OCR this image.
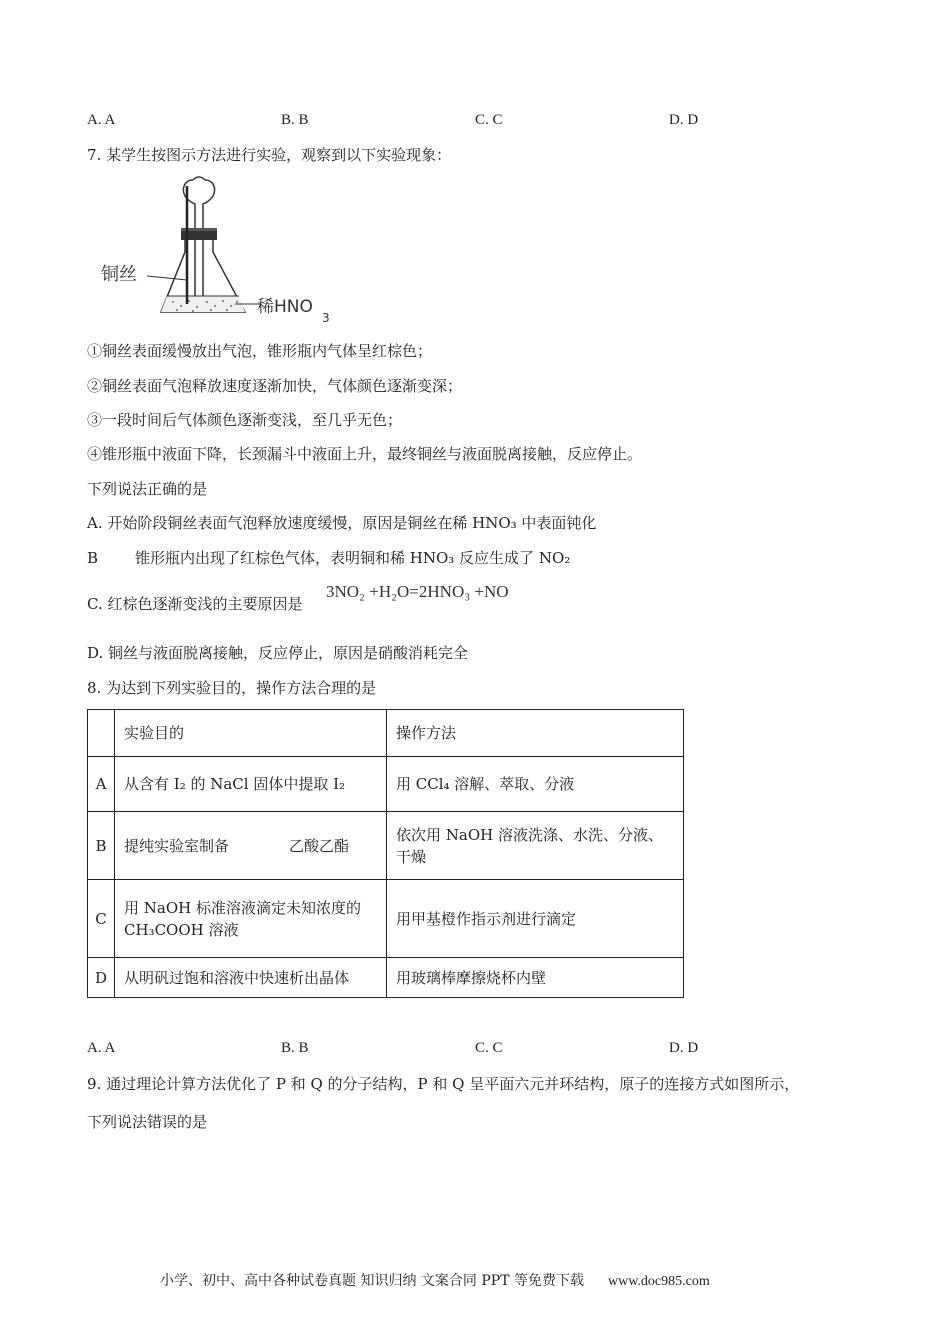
A. A	B. B	C. C	D. D
7. 某学生按图示方法进行实验，观察到以下实验现象：
铜丝
稀HNO
3
①铜丝表面缓慢放出气泡，锥形瓶内气体呈红棕色；
②铜丝表面气泡释放速度逐渐加快，气体颜色逐渐变深；
③一段时间后气体颜色逐渐变浅，至几乎无色；
④锥形瓶中液面下降，长颈漏斗中液面上升，最终铜丝与液面脱离接触，反应停止。
下列说法正确的是
A. 开始阶段铜丝表面气泡释放速度缓慢，原因是铜丝在稀 HNO₃ 中表面钝化
B 锥形瓶内出现了红棕色气体，表明铜和稀 HNO₃ 反应生成了 NO₂
C. 红棕色逐渐变浅的主要原因是
3NO₂ +H₂O=2HNO₃ +NO
D. 铜丝与液面脱离接触，反应停止，原因是硝酸消耗完全
8. 为达到下列实验目的，操作方法合理的是
	实验目的	操作方法
A	从含有 I₂ 的 NaCl 固体中提取 I₂	用 CCl₄ 溶解、萃取、分液
B	提纯实验室制备 乙酸乙酯	依次用 NaOH 溶液洗涤、水洗、分液、干燥
C	用 NaOH 标准溶液滴定未知浓度的 CH₃COOH 溶液	用甲基橙作指示剂进行滴定
D	从明矾过饱和溶液中快速析出晶体	用玻璃棒摩擦烧杯内壁
A. A	B. B	C. C	D. D
9. 通过理论计算方法优化了 P 和 Q 的分子结构，P 和 Q 呈平面六元并环结构，原子的连接方式如图所示，
下列说法错误的是
小学、初中、高中各种试卷真题 知识归纳 文案合同 PPT 等免费下载 www.doc985.com
